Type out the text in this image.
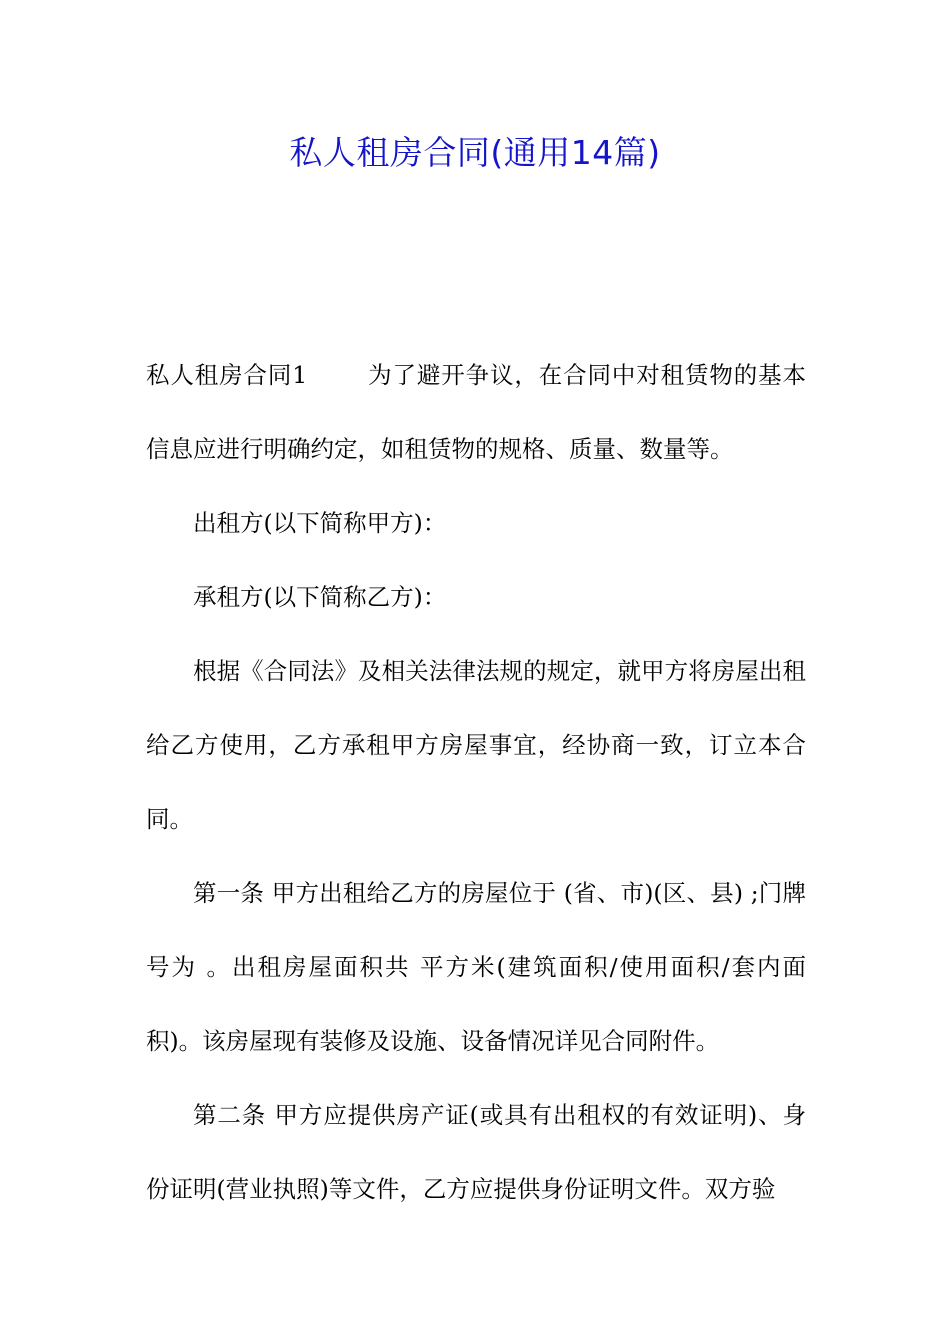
私人租房合同(通用14篇)

私人租房合同1	为了避开争议，在合同中对租赁物的基本信息应进行明确约定，如租赁物的规格、质量、数量等。

出租方(以下简称甲方)：

承租方(以下简称乙方)：

根据《合同法》及相关法律法规的规定，就甲方将房屋出租给乙方使用，乙方承租甲方房屋事宜，经协商一致，订立本合同。

第一条 甲方出租给乙方的房屋位于 (省、市)(区、县) ;门牌号为 。出租房屋面积共 平方米(建筑面积/使用面积/套内面积)。该房屋现有装修及设施、设备情况详见合同附件。

第二条 甲方应提供房产证(或具有出租权的有效证明)、身份证明(营业执照)等文件，乙方应提供身份证明文件。双方验
